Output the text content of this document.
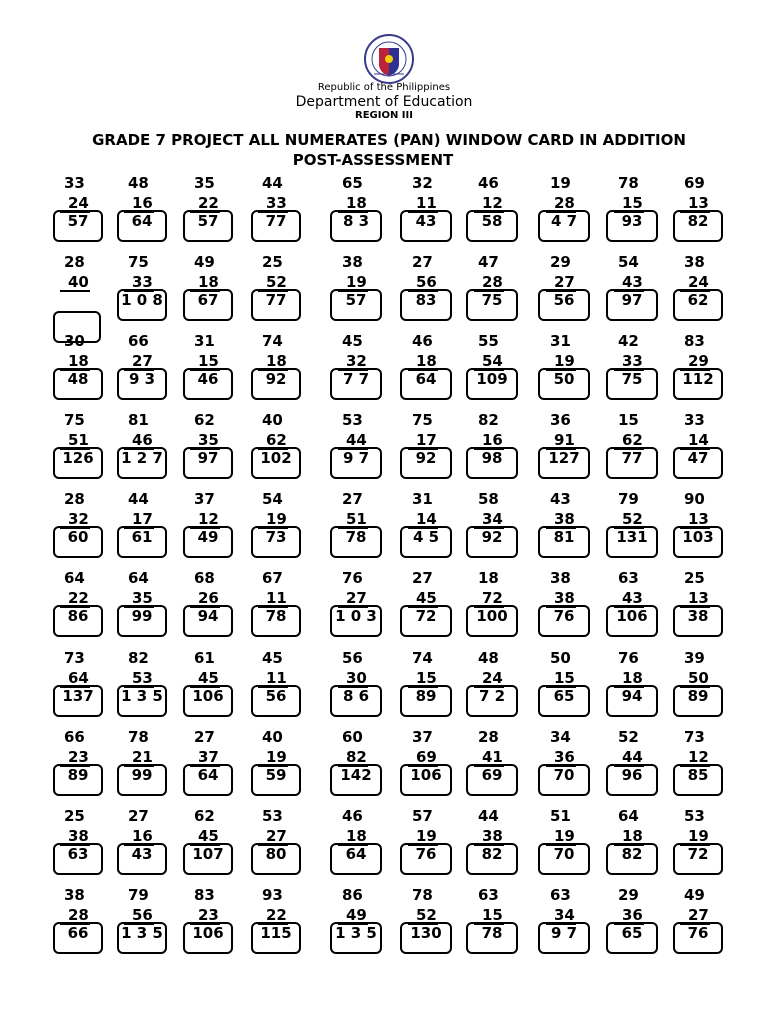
Republic of the Philippines
Department of Education
REGION III
GRADE 7 PROJECT ALL NUMERATES (PAN) WINDOW CARD IN ADDITION
POST-ASSESSMENT
33
24
57
48
16
64
35
22
57
44
33
77
65
18
8 3
32
11
43
46
12
58
19
28
4 7
78
15
93
69
13
82
28
40
75
33
1 0 8
49
18
67
25
52
77
38
19
57
27
56
83
47
28
75
29
27
56
54
43
97
38
24
62
30
18
48
66
27
9 3
31
15
46
74
18
92
45
32
7 7
46
18
64
55
54
109
31
19
50
42
33
75
83
29
112
75
51
126
81
46
1 2 7
62
35
97
40
62
102
53
44
9 7
75
17
92
82
16
98
36
91
127
15
62
77
33
14
47
28
32
60
44
17
61
37
12
49
54
19
73
27
51
78
31
14
4 5
58
34
92
43
38
81
79
52
131
90
13
103
64
22
86
64
35
99
68
26
94
67
11
78
76
27
1 0 3
27
45
72
18
72
100
38
38
76
63
43
106
25
13
38
73
64
137
82
53
1 3 5
61
45
106
45
11
56
56
30
8 6
74
15
89
48
24
7 2
50
15
65
76
18
94
39
50
89
66
23
89
78
21
99
27
37
64
40
19
59
60
82
142
37
69
106
28
41
69
34
36
70
52
44
96
73
12
85
25
38
63
27
16
43
62
45
107
53
27
80
46
18
64
57
19
76
44
38
82
51
19
70
64
18
82
53
19
72
38
28
66
79
56
1 3 5
83
23
106
93
22
115
86
49
1 3 5
78
52
130
63
15
78
63
34
9 7
29
36
65
49
27
76
